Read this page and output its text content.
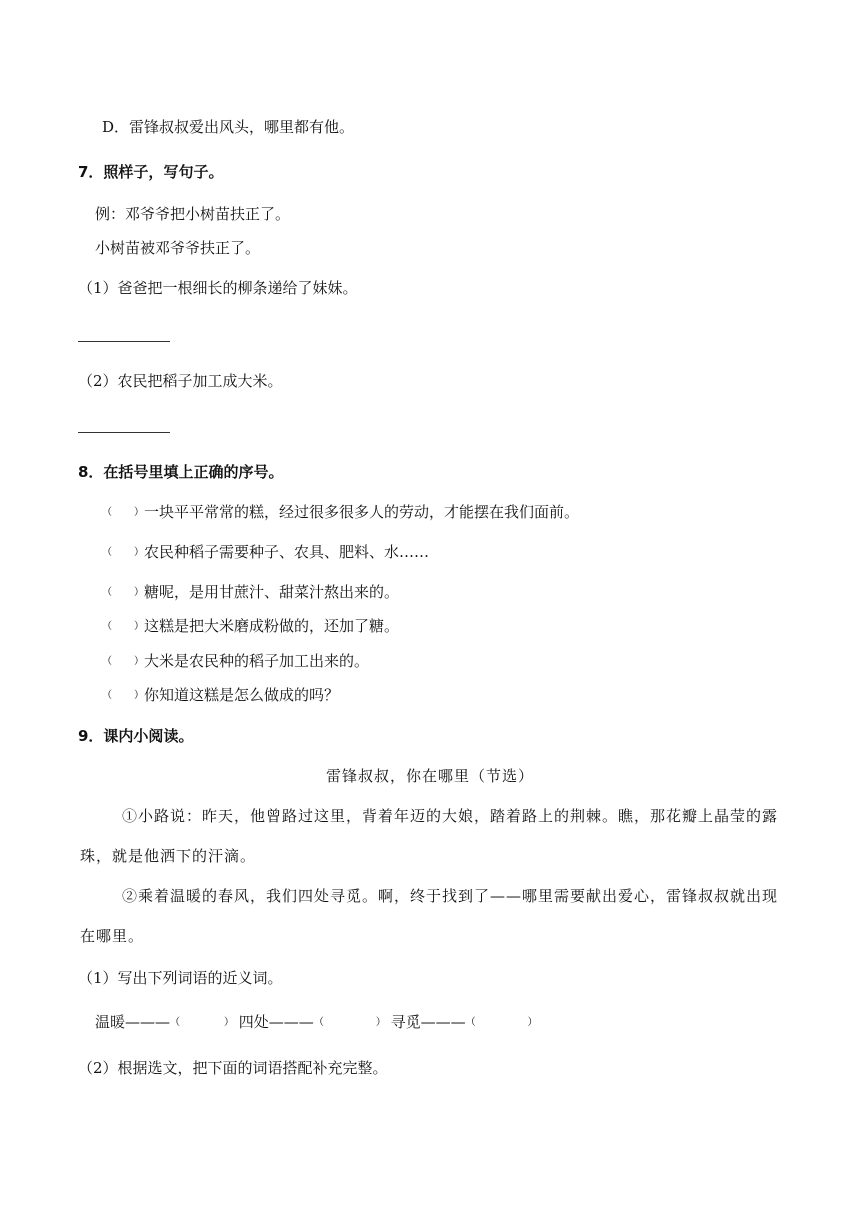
D．雷锋叔叔爱出风头，哪里都有他。
7．照样子，写句子。
例：邓爷爷把小树苗扶正了。
小树苗被邓爷爷扶正了。
（1）爸爸把一根细长的柳条递给了妹妹。
（2）农民把稻子加工成大米。
8．在括号里填上正确的序号。
（ ）一块平平常常的糕，经过很多很多人的劳动，才能摆在我们面前。
（ ）农民种稻子需要种子、农具、肥料、水……
（ ）糖呢，是用甘蔗汁、甜菜汁熬出来的。
（ ）这糕是把大米磨成粉做的，还加了糖。
（ ）大米是农民种的稻子加工出来的。
（ ）你知道这糕是怎么做成的吗？
9．课内小阅读。
雷锋叔叔，你在哪里（节选）
①小路说：昨天，他曾路过这里，背着年迈的大娘，踏着路上的荆棘。瞧，那花瓣上晶莹的露珠，就是他洒下的汗滴。
②乘着温暖的春风，我们四处寻觅。啊，终于找到了——哪里需要献出爱心，雷锋叔叔就出现在哪里。
（1）写出下列词语的近义词。
温暖———（	） 四处———（	） 寻觅———（	）
（2）根据选文，把下面的词语搭配补充完整。
